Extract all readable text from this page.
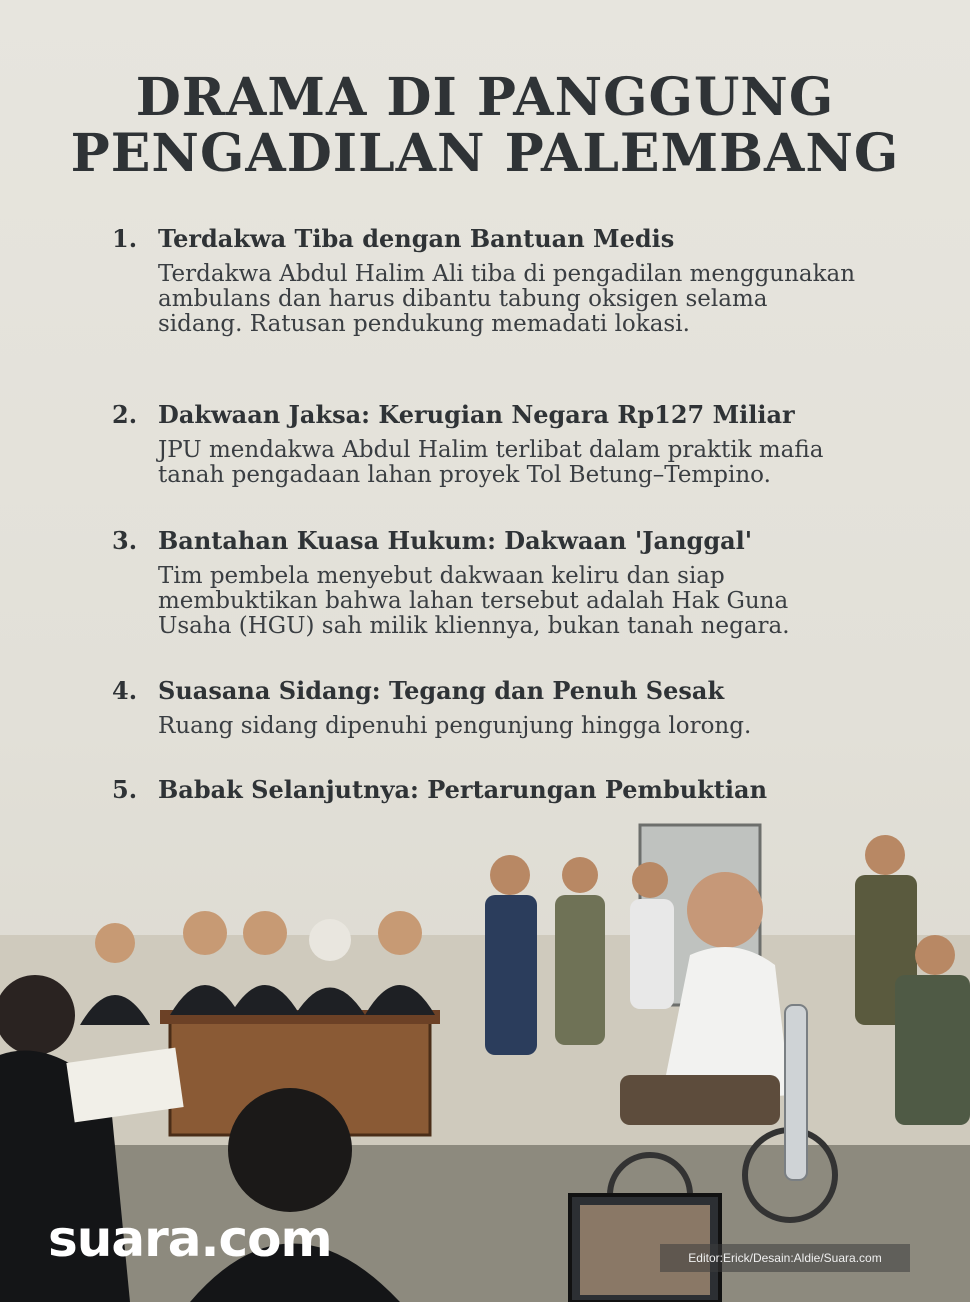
DRAMA DI PANGGUNG
PENGADILAN PALEMBANG
1. Terdakwa Tiba dengan Bantuan Medis
Terdakwa Abdul Halim Ali tiba di pengadilan menggunakan ambulans dan harus dibantu tabung oksigen selama sidang. Ratusan pendukung memadati lokasi.
2. Dakwaan Jaksa: Kerugian Negara Rp127 Miliar
JPU mendakwa Abdul Halim terlibat dalam praktik mafia tanah pengadaan lahan proyek Tol Betung–Tempino.
3. Bantahan Kuasa Hukum: Dakwaan 'Janggal'
Tim pembela menyebut dakwaan keliru dan siap membuktikan bahwa lahan tersebut adalah Hak Guna Usaha (HGU) sah milik kliennya, bukan tanah negara.
4. Suasana Sidang: Tegang dan Penuh Sesak
Ruang sidang dipenuhi pengunjung hingga lorong.
5. Babak Selanjutnya: Pertarungan Pembuktian
suara.com	Editor:Erick/Desain:Aldie/Suara.com
